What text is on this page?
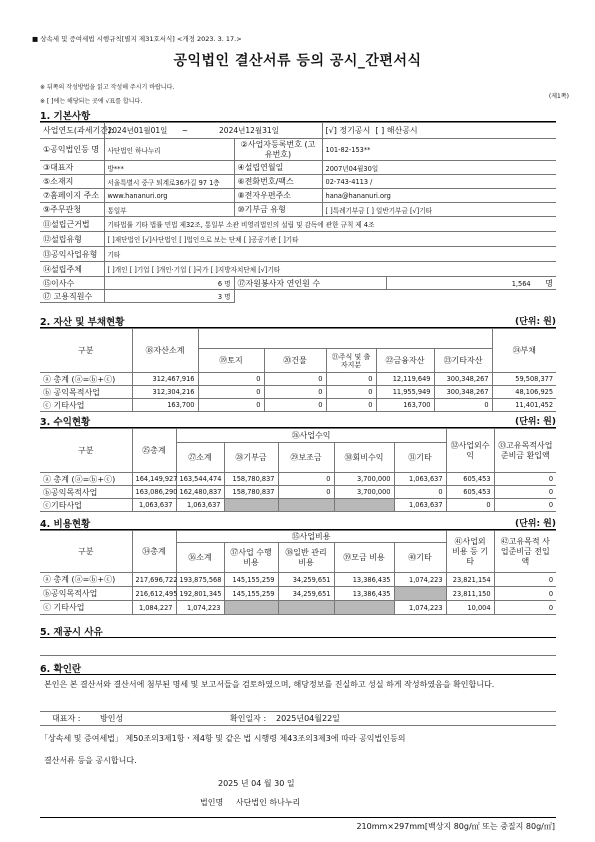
■ 상속세 및 증여세법 시행규칙[별지 제31호서식] <개정 2023. 3. 17.>
공익법인 결산서류 등의 공시_간편서식
※ 뒤쪽의 작성방법을 읽고 작성해 주시기 바랍니다.
※ [ ]에는 해당되는 곳에 √표를 합니다.
(제1쪽)
1. 기본사항
사업연도(과세기간):	2024년01월01일 ~ 2024년12월31일		[√] 정기공시 [ ] 해산공시	
①공익법인등 명	사단법인 하나누리	②사업자등록번호 (고유번호)	101-82-153**	
③대표자	방***	④설립연월일	2007년04월30일	
⑤소재지	서울특별시 중구 퇴계로36가길 97 1층	⑥전화번호/팩스	02-743-4113 /	
⑦홈페이지 주소	www.hananuri.org	⑧전자우편주소	hana@hananuri.org	
⑨주무관청	통일부	⑩기부금 유형	[ ]특례기부금 [ ] 일반기부금 [√]기타	
⑪설립근거법	기타법률 기타 법률 민법 제32조, 통일부 소관 비영리법인의 설립 및 감독에 관한 규칙 제 4조			
⑫설립유형	[ ]재단법인 [√]사단법인 [ ]법인으로 보는 단체 [ ]공공기관 [ ]기타			
⑬공익사업유형	기타			
⑭설립주체	[ ]개인 [ ]기업 [ ]개인·기업 [ ]국가 [ ]지방자치단체 [√]기타			
⑮이사수	6 명	⑰자원봉사자 연인원 수		1,564 명
⑰ 고용직원수	3 명			
2. 자산 및 부채현황	(단위: 원)
구분	⑱자산소계						㉔부채
		⑲토지	⑳건물	㉑주식 및 출자지분	㉒금융자산	㉓기타자산	
ⓐ 총계 (ⓐ=ⓑ+ⓒ)	312,467,916	0	0	0	12,119,649	300,348,267	59,508,377
ⓑ 공익목적사업	312,304,216	0	0	0	11,955,949	300,348,267	48,106,925
ⓒ 기타사업	163,700	0	0	0	163,700	0	11,401,452
3. 수익현황	(단위: 원)
구분	㉕총계	㉖사업수익					㉜사업외수익	㉝고유목적사업준비금 환입액
		㉗소계	㉘기부금	㉙보조금	㉚회비수익	㉛기타		
ⓐ 총계 (ⓐ=ⓑ+ⓒ)	164,149,927	163,544,474	158,780,837	0	3,700,000	1,063,637	605,453	0
ⓑ공익목적사업	163,086,290	162,480,837	158,780,837	0	3,700,000	0	605,453	0
ⓒ기타사업	1,063,637	1,063,637				1,063,637	0	0
4. 비용현황	(단위: 원)
구분	㉞총계	㉟사업비용					㊶사업외 비용 등 기타	㊷고유목적 사업준비금 전입액
		㊱소계	㊲사업 수행비용	㊳일반 관리비용	㊴모금 비용	㊵기타		
ⓐ 총계 (ⓐ=ⓑ+ⓒ)	217,696,722	193,875,568	145,155,259	34,259,651	13,386,435	1,074,223	23,821,154	0
ⓑ공익목적사업	216,612,495	192,801,345	145,155,259	34,259,651	13,386,435		23,811,150	0
ⓒ 기타사업	1,084,227	1,074,223				1,074,223	10,004	0
5. 재공시 사유
6. 확인란
본인은 본 결산서와 결산서에 첨부된 명세 및 보고서들을 검토하였으며, 해당정보를 진실하고 성실 하게 작성하였음을 확인합니다.
대표자 : 방인성	확인일자 : 2025년04월22일
「상속세 및 증여세법」 제50조의3제1항ㆍ제4항 및 같은 법 시행령 제43조의3제3에 따라 공익법인등의
결산서류 등을 공시합니다.
2025 년 04 월 30 일
법인명 사단법인 하나누리
210mm×297mm[백상지 80g/㎡ 또는 중질지 80g/㎡]
